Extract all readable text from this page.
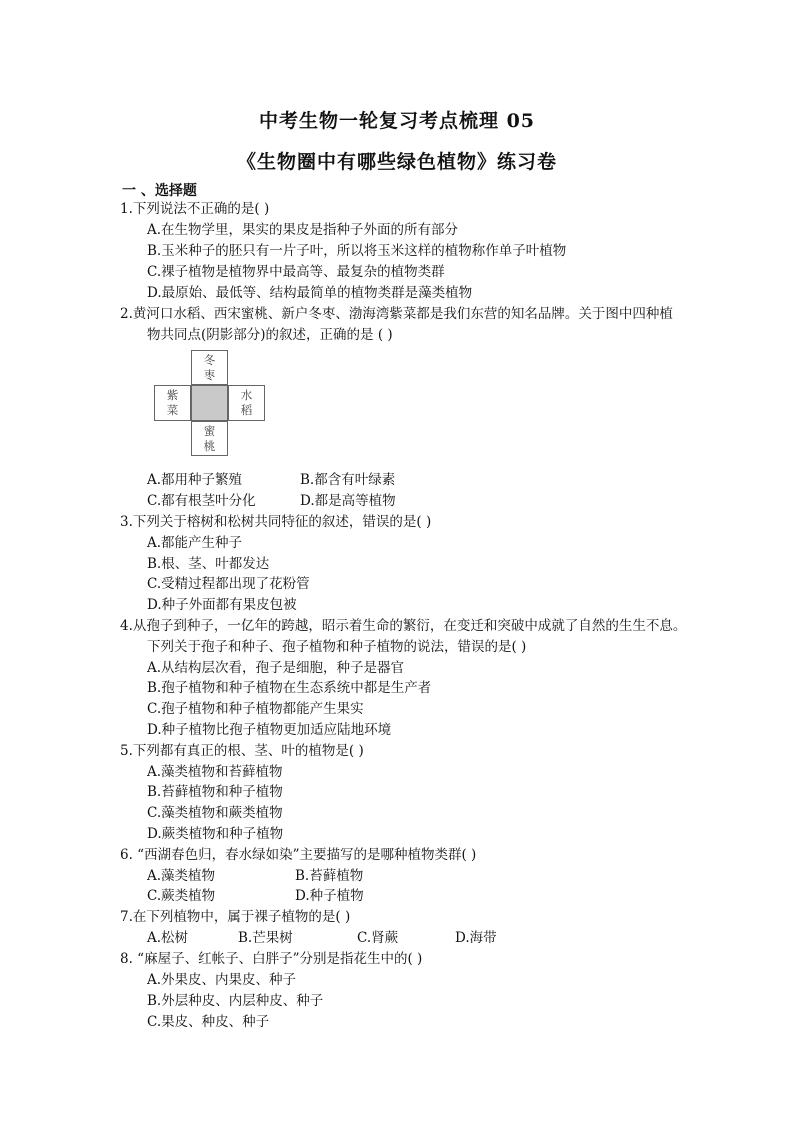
中考生物一轮复习考点梳理 05
《生物圈中有哪些绿色植物》练习卷
一 、选择题
1.下列说法不正确的是( )
A.在生物学里，果实的果皮是指种子外面的所有部分
B.玉米种子的胚只有一片子叶，所以将玉米这样的植物称作单子叶植物
C.裸子植物是植物界中最高等、最复杂的植物类群
D.最原始、最低等、结构最简单的植物类群是藻类植物
2.黄河口水稻、西宋蜜桃、新户冬枣、渤海湾紫菜都是我们东营的知名品牌。关于图中四种植
物共同点(阴影部分)的叙述，正确的是 ( )
冬枣
紫菜
水稻
蜜桃
A.都用种子繁殖	B.都含有叶绿素
C.都有根茎叶分化	D.都是高等植物
3.下列关于榕树和松树共同特征的叙述，错误的是( )
A.都能产生种子
B.根、茎、叶都发达
C.受精过程都出现了花粉管
D.种子外面都有果皮包被
4.从孢子到种子，一亿年的跨越，昭示着生命的繁衍，在变迁和突破中成就了自然的生生不息。
下列关于孢子和种子、孢子植物和种子植物的说法，错误的是( )
A.从结构层次看，孢子是细胞，种子是器官
B.孢子植物和种子植物在生态系统中都是生产者
C.孢子植物和种子植物都能产生果实
D.种子植物比孢子植物更加适应陆地环境
5.下列都有真正的根、茎、叶的植物是( )
A.藻类植物和苔藓植物
B.苔藓植物和种子植物
C.藻类植物和蕨类植物
D.蕨类植物和种子植物
6. “西湖春色归，春水绿如染”主要描写的是哪种植物类群( )
A.藻类植物	B.苔藓植物
C.蕨类植物	D.种子植物
7.在下列植物中，属于裸子植物的是( )
A.松树	B.芒果树	C.肾蕨	D.海带
8. “麻屋子、红帐子、白胖子”分别是指花生中的( )
A.外果皮、内果皮、种子
B.外层种皮、内层种皮、种子
C.果皮、种皮、种子
